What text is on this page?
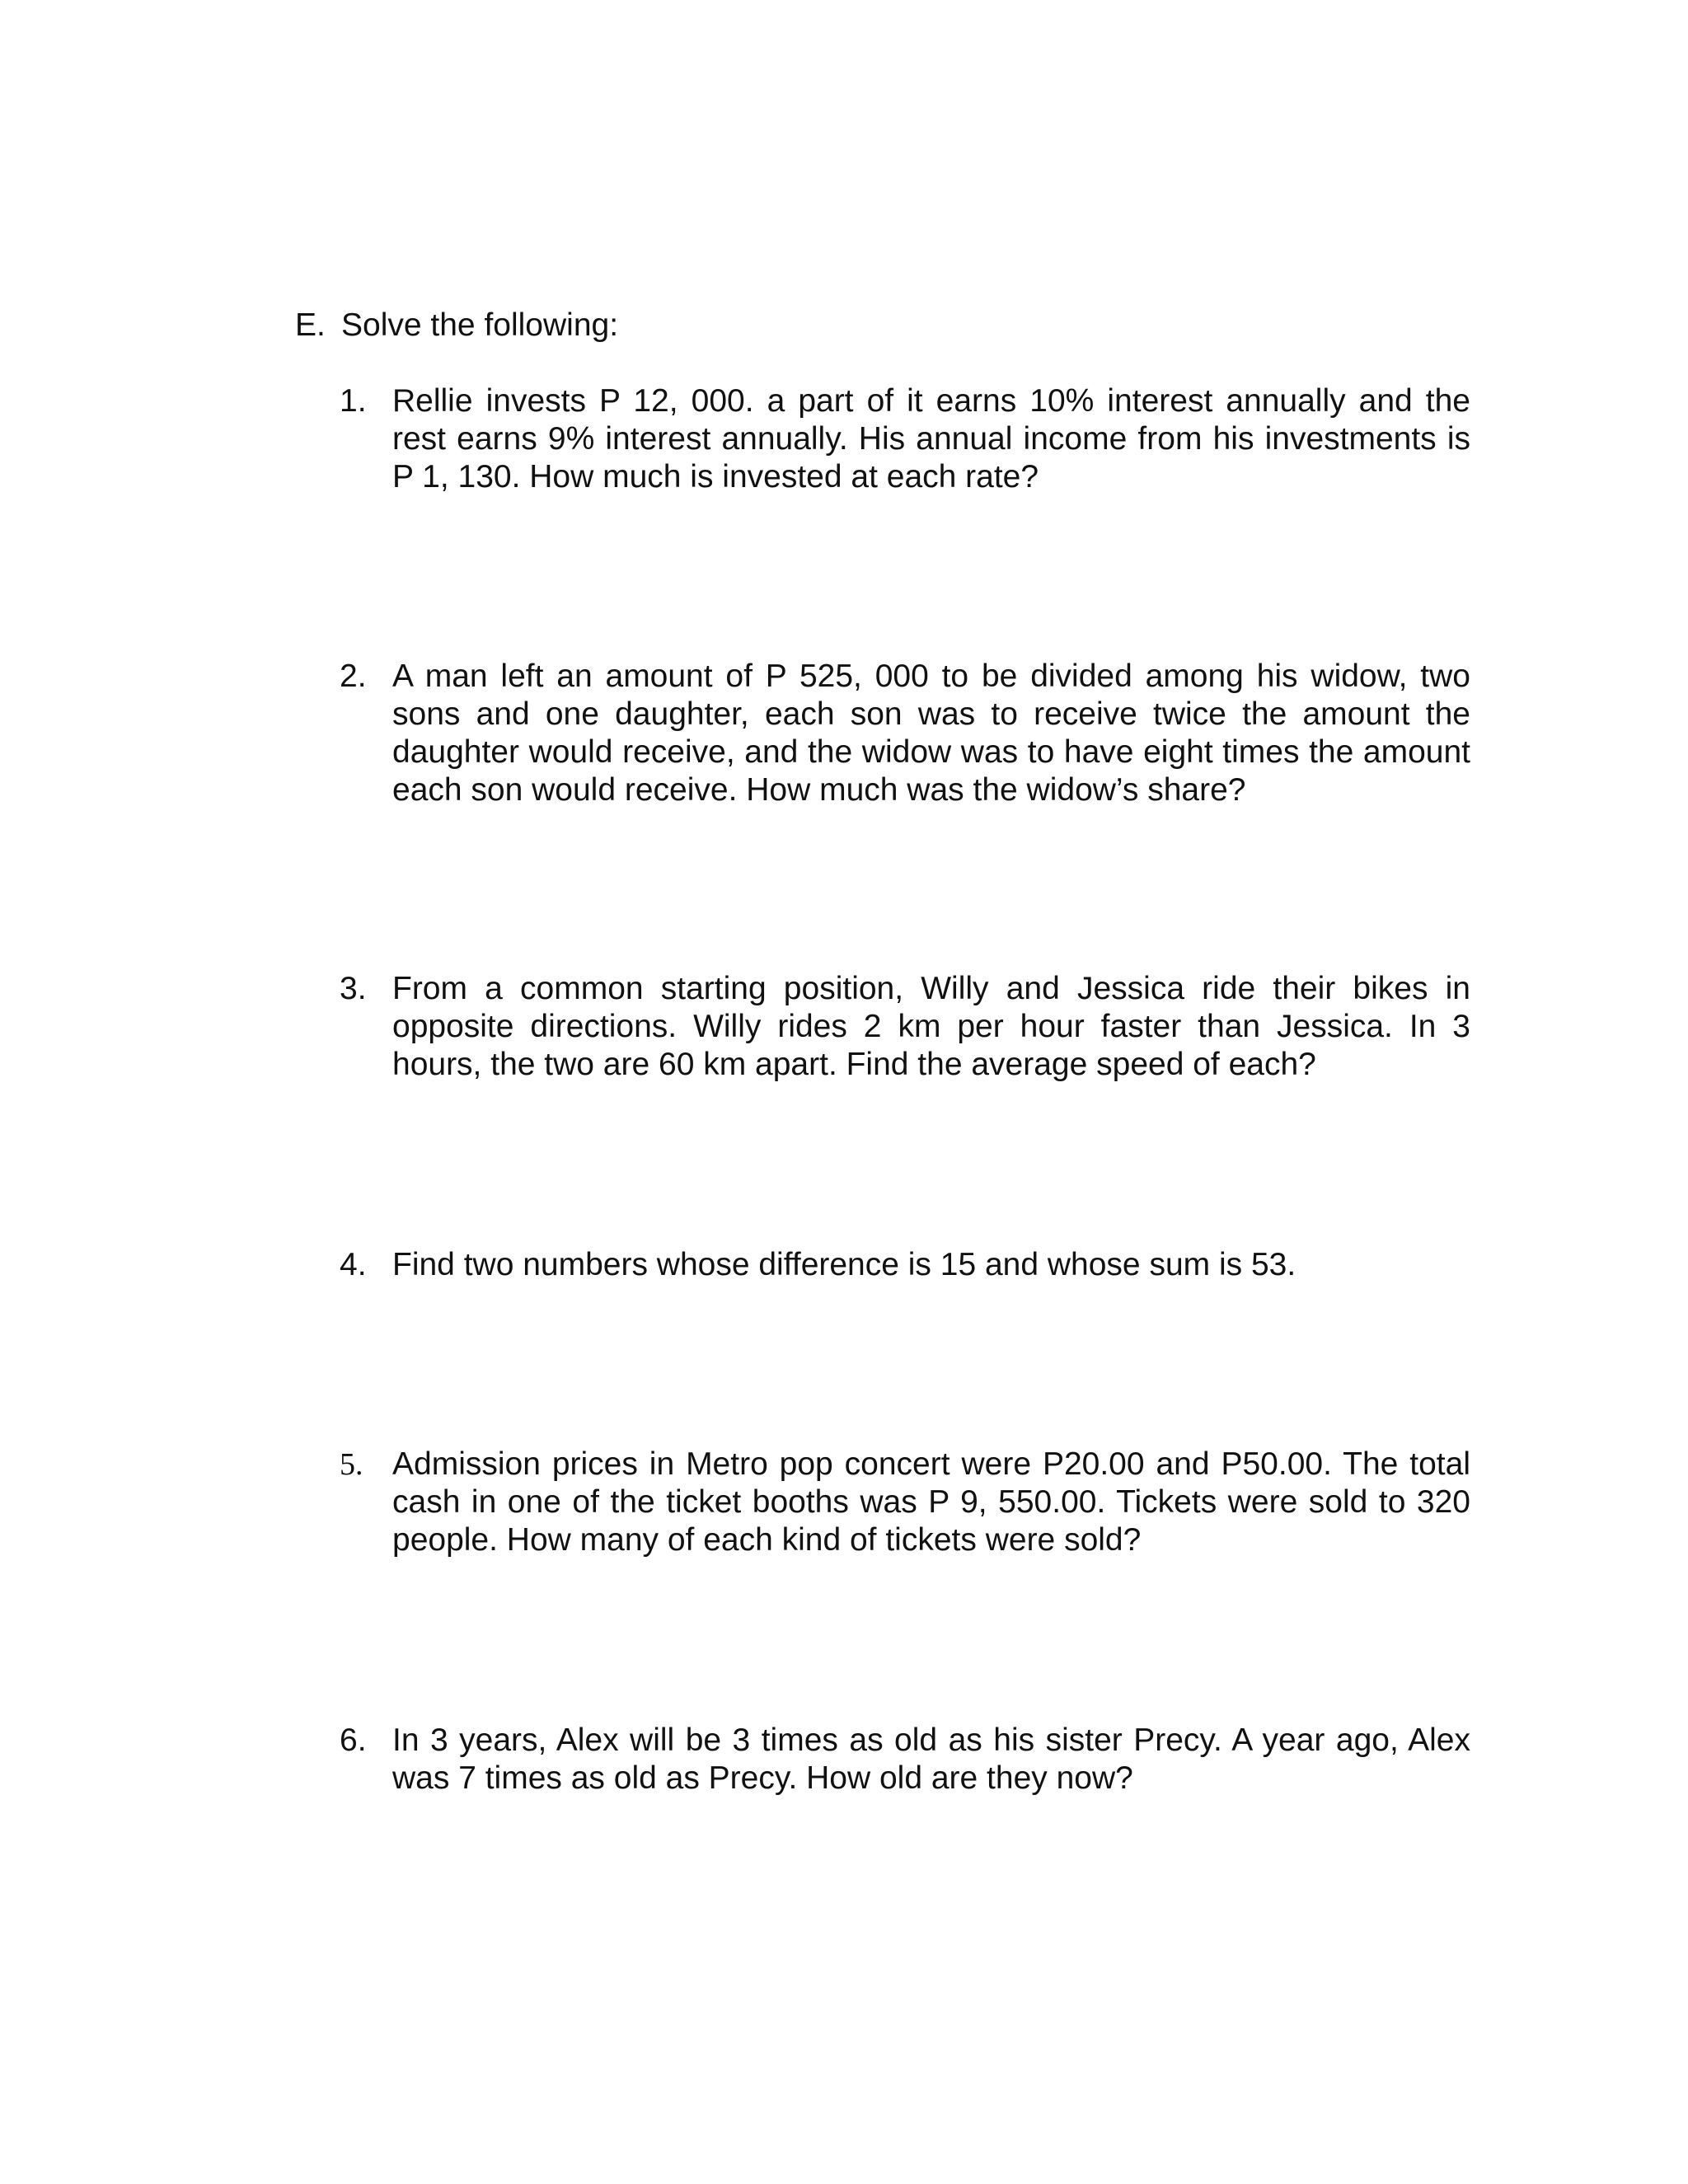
E. Solve the following:
1. Rellie invests P 12, 000. a part of it earns 10% interest annually and the rest earns 9% interest annually. His annual income from his investments is P 1, 130. How much is invested at each rate?
2. A man left an amount of P 525, 000 to be divided among his widow, two sons and one daughter, each son was to receive twice the amount the daughter would receive, and the widow was to have eight times the amount each son would receive. How much was the widow’s share?
3. From a common starting position, Willy and Jessica ride their bikes in opposite directions. Willy rides 2 km per hour faster than Jessica. In 3 hours, the two are 60 km apart. Find the average speed of each?
4. Find two numbers whose difference is 15 and whose sum is 53.
5. Admission prices in Metro pop concert were P20.00 and P50.00. The total cash in one of the ticket booths was P 9, 550.00. Tickets were sold to 320 people. How many of each kind of tickets were sold?
6. In 3 years, Alex will be 3 times as old as his sister Precy. A year ago, Alex was 7 times as old as Precy. How old are they now?
